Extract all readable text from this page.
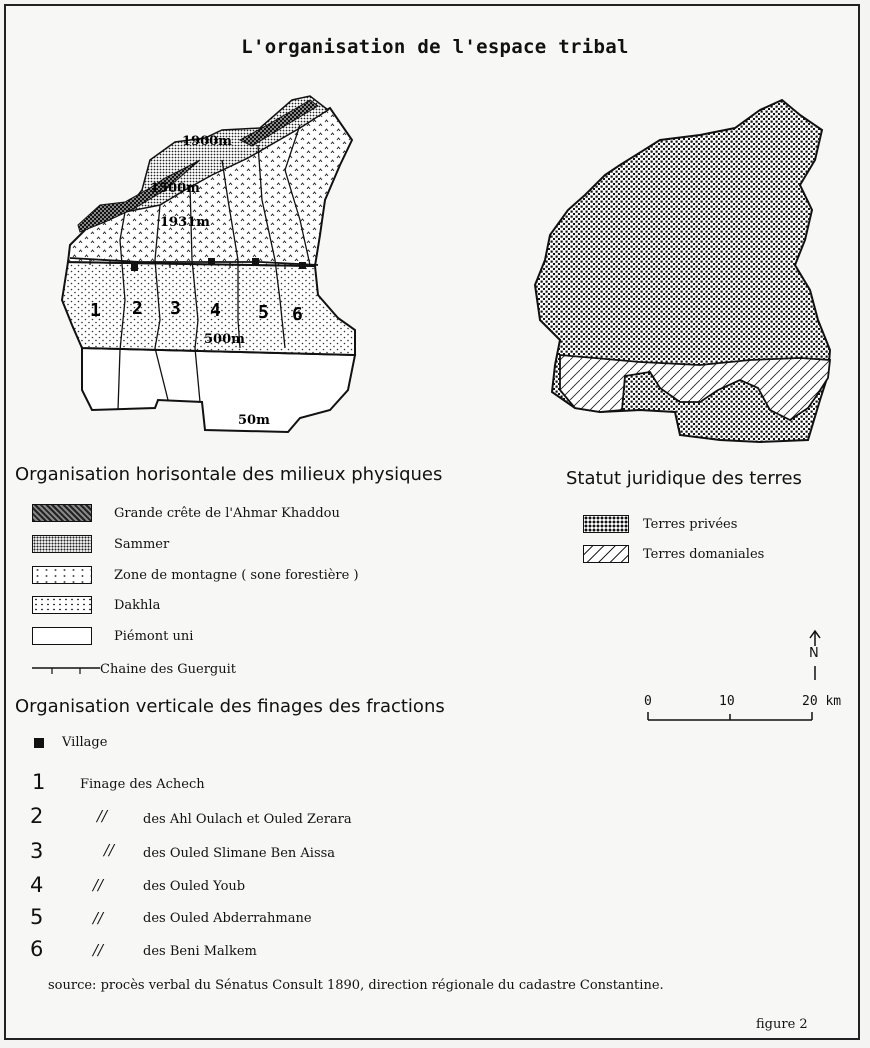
L'organisation de l'espace tribal
1900m
1500m
1931m
500m
50m
1 2 3 4 5 6
Organisation horisontale des milieux physiques
Grande crête de l'Ahmar Khaddou
Sammer
Zone de montagne ( sone forestière )
Dakhla
Piémont uni
Chaine des Guerguit
Statut juridique des terres
Terres privées
Terres domaniales
N
0	10	20 km
Organisation verticale des finages des fractions
Village
1	Finage des Achech
2	//	des Ahl Oulach et Ouled Zerara
3	// des Ouled Slimane Ben Aissa
4	//	des Ouled Youb
5	//	des Ouled Abderrahmane
6	//	des Beni Malkem
source: procès verbal du Sénatus Consult 1890, direction régionale du cadastre Constantine.
figure 2
